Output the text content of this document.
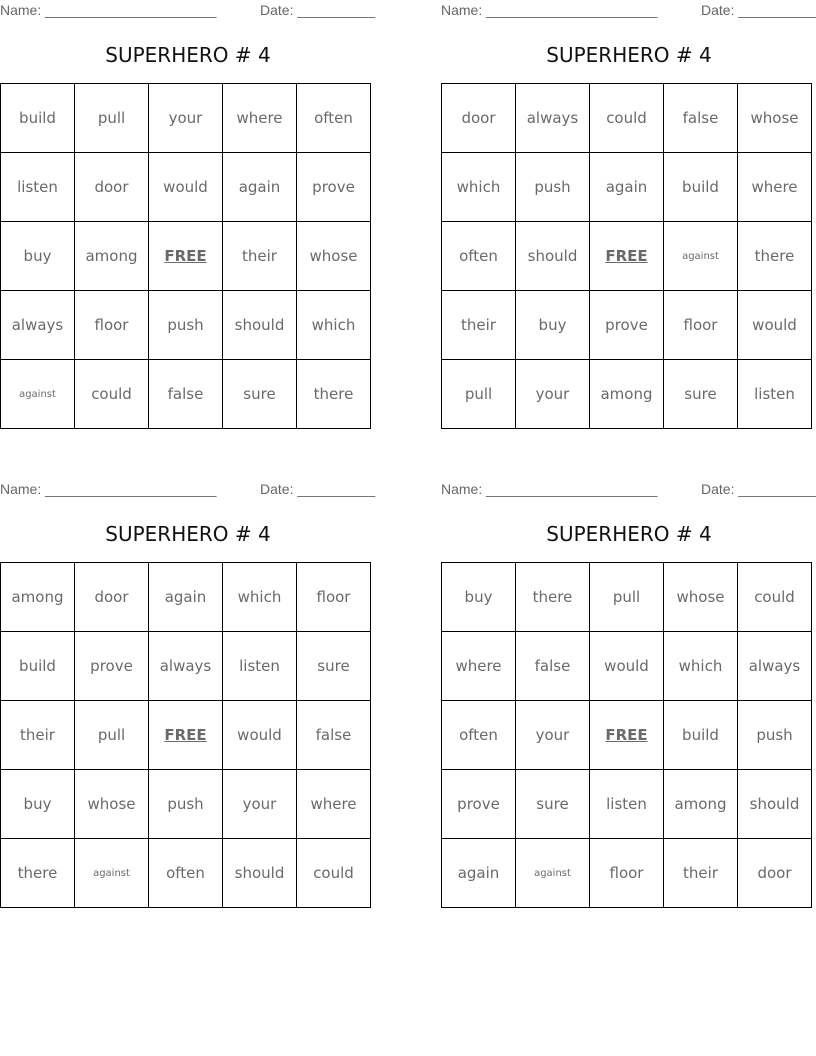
Name: ______________________	Date: __________
SUPERHERO # 4
build	pull	your	where	often
listen	door	would	again	prove
buy	among	FREE	their	whose
always	floor	push	should	which
against	could	false	sure	there
Name: ______________________	Date: __________
SUPERHERO # 4
door	always	could	false	whose
which	push	again	build	where
often	should	FREE	against	there
their	buy	prove	floor	would
pull	your	among	sure	listen
Name: ______________________	Date: __________
SUPERHERO # 4
among	door	again	which	floor
build	prove	always	listen	sure
their	pull	FREE	would	false
buy	whose	push	your	where
there	against	often	should	could
Name: ______________________	Date: __________
SUPERHERO # 4
buy	there	pull	whose	could
where	false	would	which	always
often	your	FREE	build	push
prove	sure	listen	among	should
again	against	floor	their	door
